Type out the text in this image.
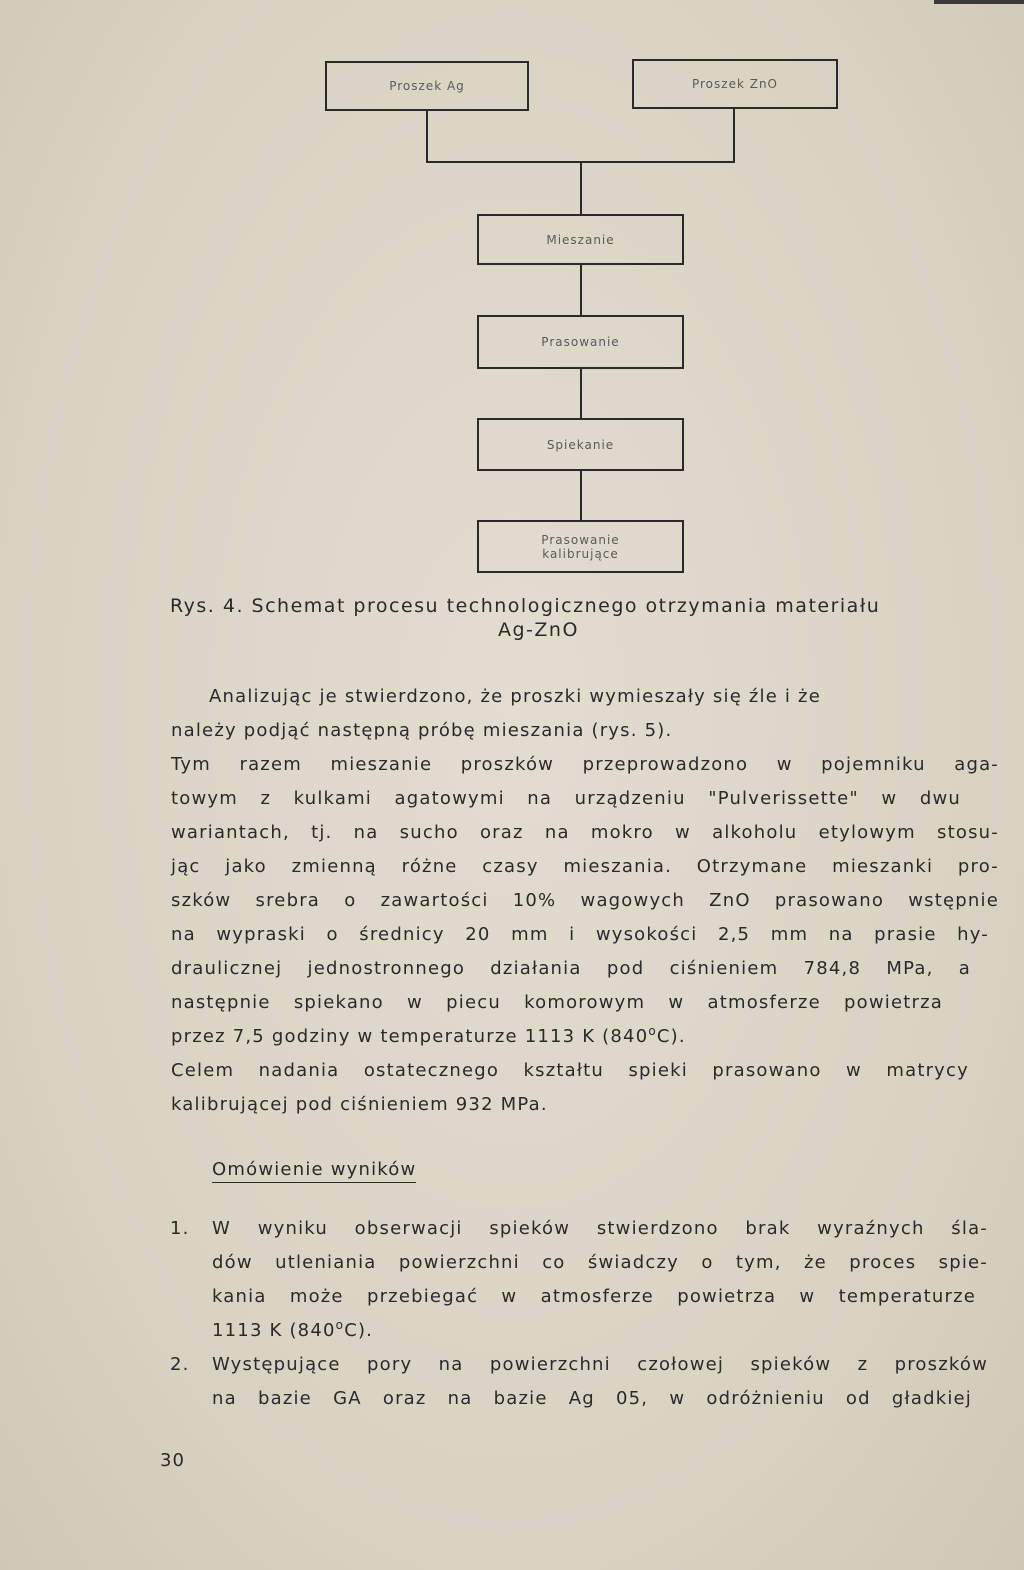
Proszek Ag	Proszek ZnO
Mieszanie
Prasowanie
Spiekanie
Prasowanie
kalibrujące
Rys. 4. Schemat procesu technologicznego otrzymania materiału
Ag-ZnO
Analizując je stwierdzono, że proszki wymieszały się źle i że
należy podjąć następną próbę mieszania (rys. 5).
Tym razem mieszanie proszków przeprowadzono w pojemniku aga-
towym z kulkami agatowymi na urządzeniu "Pulverissette" w dwu
wariantach, tj. na sucho oraz na mokro w alkoholu etylowym stosu-
jąc jako zmienną różne czasy mieszania. Otrzymane mieszanki pro-
szków srebra o zawartości 10% wagowych ZnO prasowano wstępnie
na wypraski o średnicy 20 mm i wysokości 2,5 mm na prasie hy-
draulicznej jednostronnego działania pod ciśnieniem 784,8 MPa, a
następnie spiekano w piecu komorowym w atmosferze powietrza
przez 7,5 godziny w temperaturze 1113 K (840$^o$C).
Celem nadania ostatecznego kształtu spieki prasowano w matrycy
kalibrującej pod ciśnieniem 932 MPa.
Omówienie wyników
1. W wyniku obserwacji spieków stwierdzono brak wyraźnych śla-
dów utleniania powierzchni co świadczy o tym, że proces spie-
kania może przebiegać w atmosferze powietrza w temperaturze
1113 K (840$^o$C).
2. Występujące pory na powierzchni czołowej spieków z proszków
na bazie GA oraz na bazie Ag 05, w odróżnieniu od gładkiej
30
